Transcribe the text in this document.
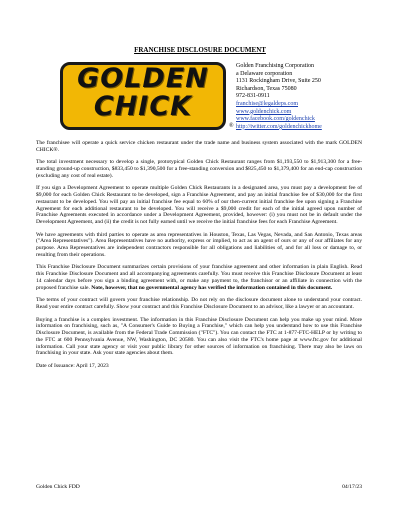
FRANCHISE DISCLOSURE DOCUMENT
GOLDEN
CHICK
®
Golden Franchising Corporation
a Delaware corporation
1131 Rockingham Drive, Suite 250
Richardson, Texas 75080
972-831-0911
franchise@legaldeps.com
www.goldenchick.com
www.facebook.com/goldenchick
http://twitter.com/goldenchickhome

The franchisee will operate a quick service chicken restaurant under the trade name and business system associated with the mark GOLDEN CHICK®.

The total investment necessary to develop a single, prototypical Golden Chick Restaurant ranges from $1,193,550 to $1,913,300 for a free-standing ground-up construction, $833,450 to $1,390,500 for a free-standing conversion and $825,450 to $1,379,400 for an end-cap construction (excluding any cost of real estate).

If you sign a Development Agreement to operate multiple Golden Chick Restaurants in a designated area, you must pay a development fee of $9,000 for each Golden Chick Restaurant to be developed, sign a Franchise Agreement, and pay an initial franchise fee of $30,000 for the first restaurant to be developed. You will pay an initial franchise fee equal to 60% of our then-current initial franchise fee upon signing a Franchise Agreement for each additional restaurant to be developed. You will receive a $9,000 credit for each of the initial agreed upon number of Franchise Agreements executed in accordance under a Development Agreement, provided, however: (i) you must not be in default under the Development Agreement, and (ii) the credit is not fully earned until we receive the initial franchise fees for each Franchise Agreement.

We have agreements with third parties to operate as area representatives in Houston, Texas, Las Vegas, Nevada, and San Antonio, Texas areas ("Area Representatives"). Area Representatives have no authority, express or implied, to act as an agent of ours or any of our affiliates for any purpose. Area Representatives are independent contractors responsible for all obligations and liabilities of, and for all loss or damage to, or resulting from their operations.

This Franchise Disclosure Document summarizes certain provisions of your franchise agreement and other information in plain English. Read this Franchise Disclosure Document and all accompanying agreements carefully. You must receive this Franchise Disclosure Document at least 14 calendar days before you sign a binding agreement with, or make any payment to, the franchisor or an affiliate in connection with the proposed franchise sale. Note, however, that no governmental agency has verified the information contained in this document.

The terms of your contract will govern your franchise relationship. Do not rely on the disclosure document alone to understand your contract. Read your entire contract carefully. Show your contract and this Franchise Disclosure Document to an advisor, like a lawyer or an accountant.

Buying a franchise is a complex investment. The information in this Franchise Disclosure Document can help you make up your mind. More information on franchising, such as, "A Consumer's Guide to Buying a Franchise," which can help you understand how to use this Franchise Disclosure Document, is available from the Federal Trade Commission ("FTC"). You can contact the FTC at 1-877-FTC-HELP or by writing to the FTC at 600 Pennsylvania Avenue, NW, Washington, DC 20580. You can also visit the FTC's home page at www.ftc.gov for additional information. Call your state agency or visit your public library for other sources of information on franchising. There may also be laws on franchising in your state. Ask your state agencies about them.

Date of Issuance: April 17, 2023

Golden Chick FDD	04/17/23
